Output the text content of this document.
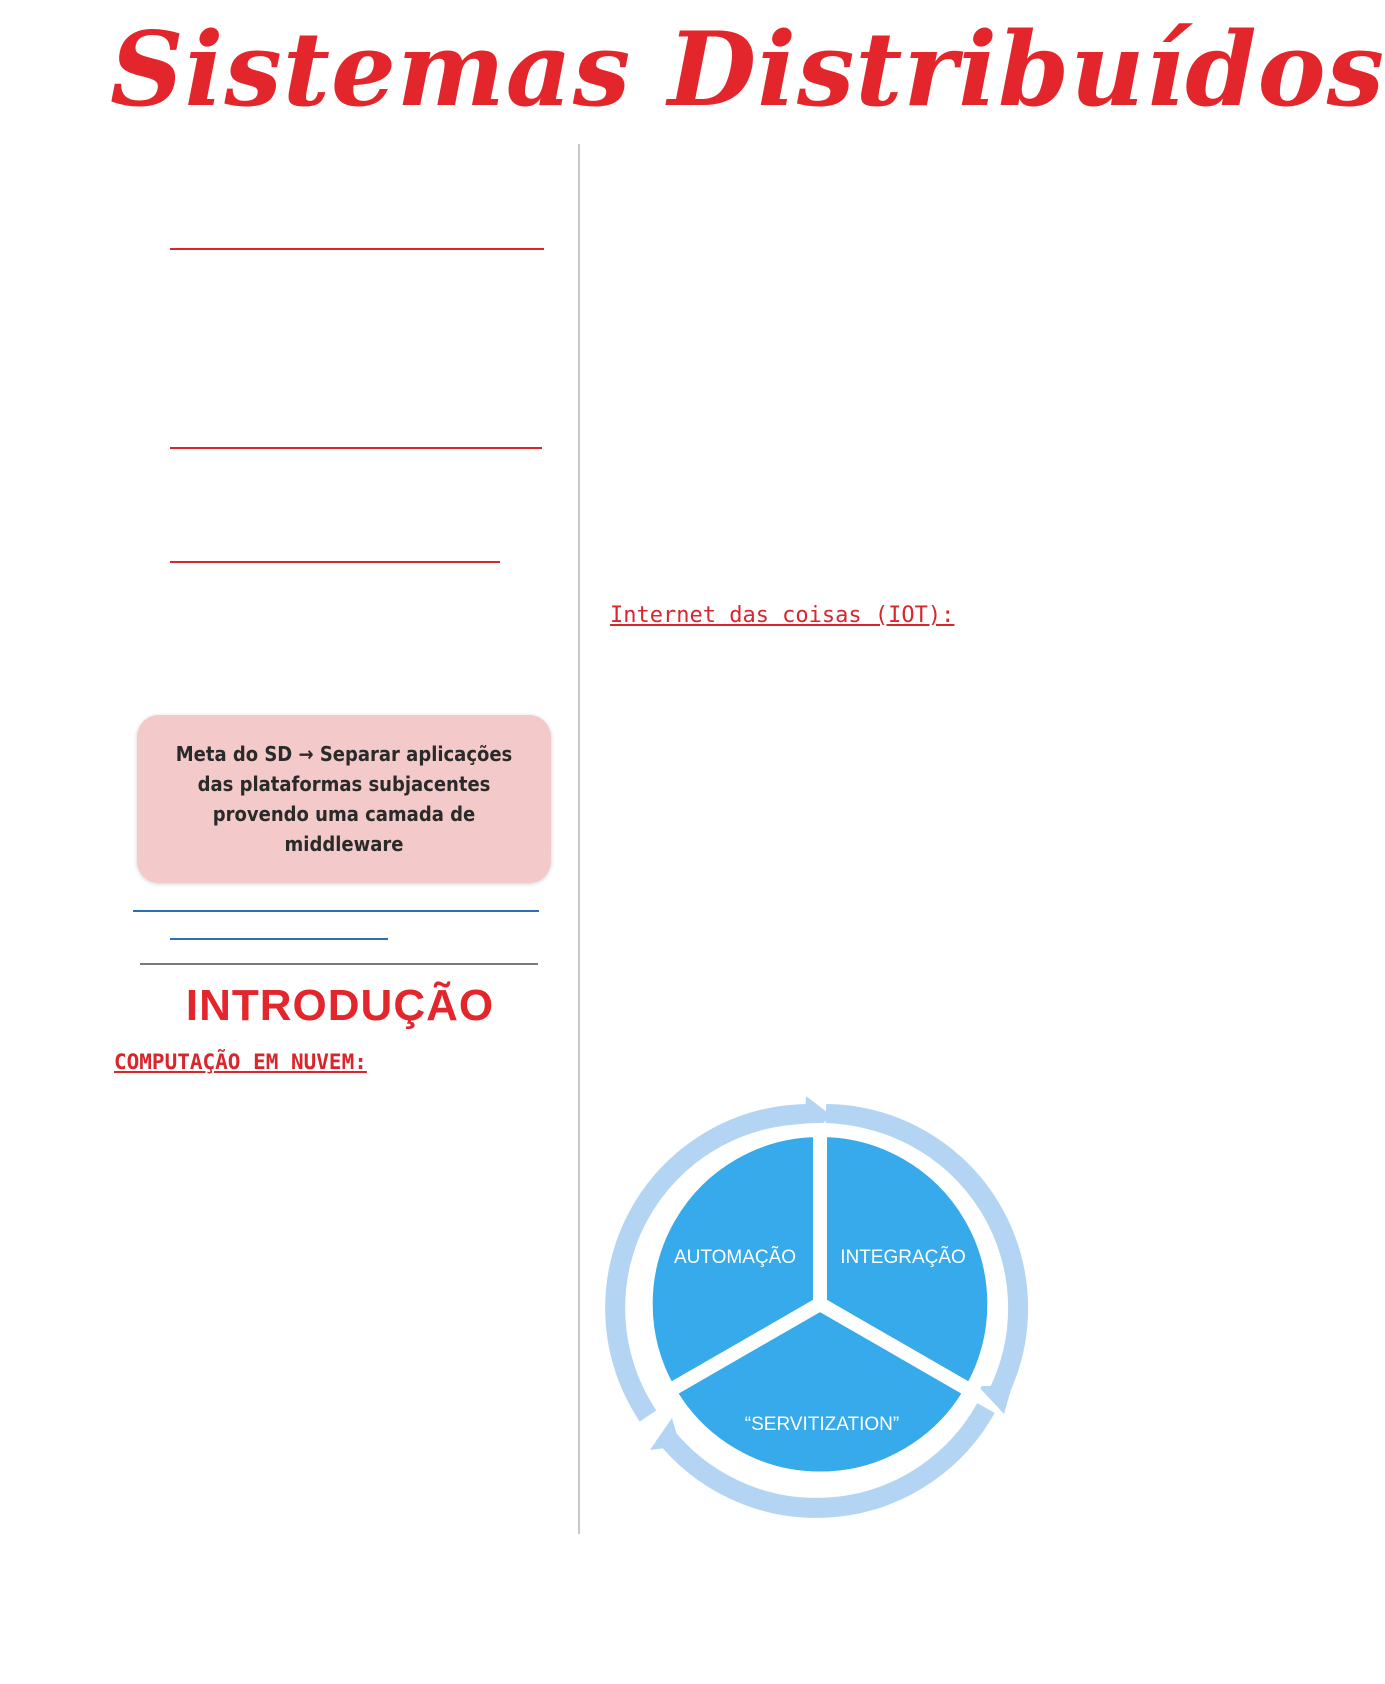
Sistemas Distribuídos

Meta do SD → Separar aplicações das plataformas subjacentes provendo uma camada de middleware

INTRODUÇÃO

COMPUTAÇÃO EM NUVEM:

Internet das coisas (IOT):

AUTOMAÇÃO INTEGRAÇÃO
“SERVITIZATION”
